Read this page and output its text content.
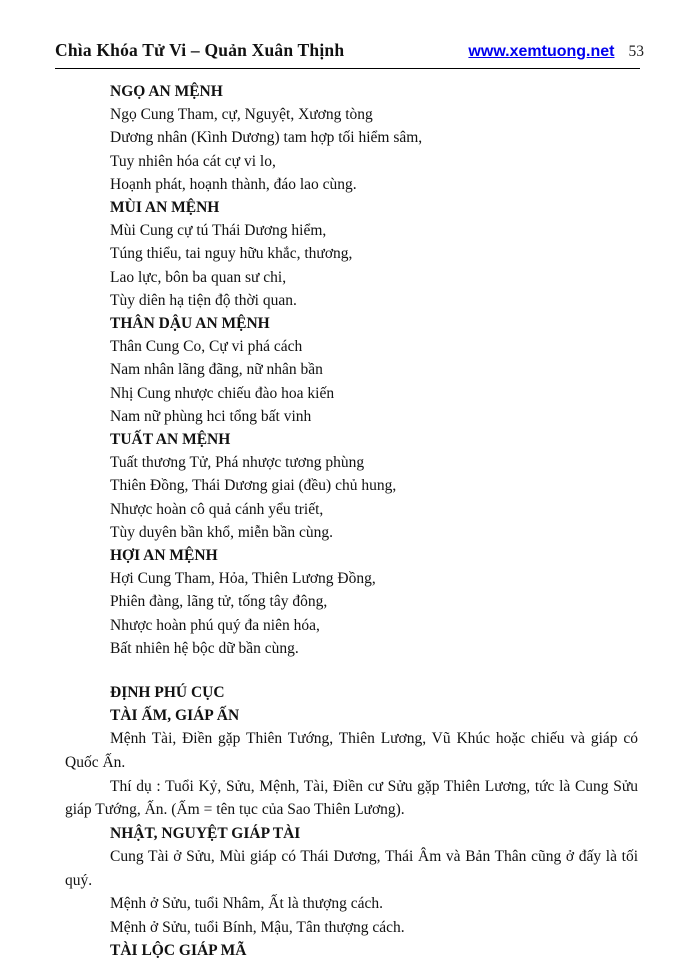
Chìa Khóa Tử Vi – Quản Xuân Thịnh	www.xemtuong.net 53
NGỌ AN MỆNH
Ngọ Cung Tham, cự, Nguyệt, Xương tòng
Dương nhân (Kình Dương) tam hợp tối hiểm sâm,
Tuy nhiên hóa cát cự vi lo,
Hoạnh phát, hoạnh thành, đáo lao cùng.
MÙI AN MỆNH
Mùi Cung cự tú Thái Dương hiểm,
Túng thiểu, tai nguy hữu khắc, thương,
Lao lực, bôn ba quan sư chi,
Tùy diên hạ tiện độ thời quan.
THÂN DẬU AN MỆNH
Thân Cung Co, Cự vi phá cách
Nam nhân lãng đãng, nữ nhân bần
Nhị Cung nhược chiếu đào hoa kiến
Nam nữ phùng hci tổng bất vinh
TUẤT AN MỆNH
Tuất thương Tử, Phá nhược tương phùng
Thiên Đồng, Thái Dương giai (đều) chủ hung,
Nhược hoàn cô quả cánh yểu triết,
Tùy duyên bần khổ, miễn bần cùng.
HỢI AN MỆNH
Hợi Cung Tham, Hỏa, Thiên Lương Đồng,
Phiên đàng, lãng tử, tống tây đông,
Nhược hoàn phú quý đa niên hóa,
Bất nhiên hệ bộc dữ bần cùng.
ĐỊNH PHÚ CỤC
TÀI ẤM, GIÁP ẤN

Mệnh Tài, Điền gặp Thiên Tướng, Thiên Lương, Vũ Khúc hoặc chiếu và giáp có Quốc Ấn.

Thí dụ : Tuổi Kỷ, Sửu, Mệnh, Tài, Điền cư Sửu gặp Thiên Lương, tức là Cung Sửu giáp Tướng, Ấn. (Ấm = tên tục của Sao Thiên Lương).

NHẬT, NGUYỆT GIÁP TÀI

Cung Tài ở Sửu, Mùi giáp có Thái Dương, Thái Âm và Bản Thân cũng ở đấy là tối quý.

Mệnh ở Sửu, tuổi Nhâm, Ất là thượng cách.

Mệnh ở Sửu, tuổi Bính, Mậu, Tân thượng cách.

TÀI LỘC GIÁP MÃ
